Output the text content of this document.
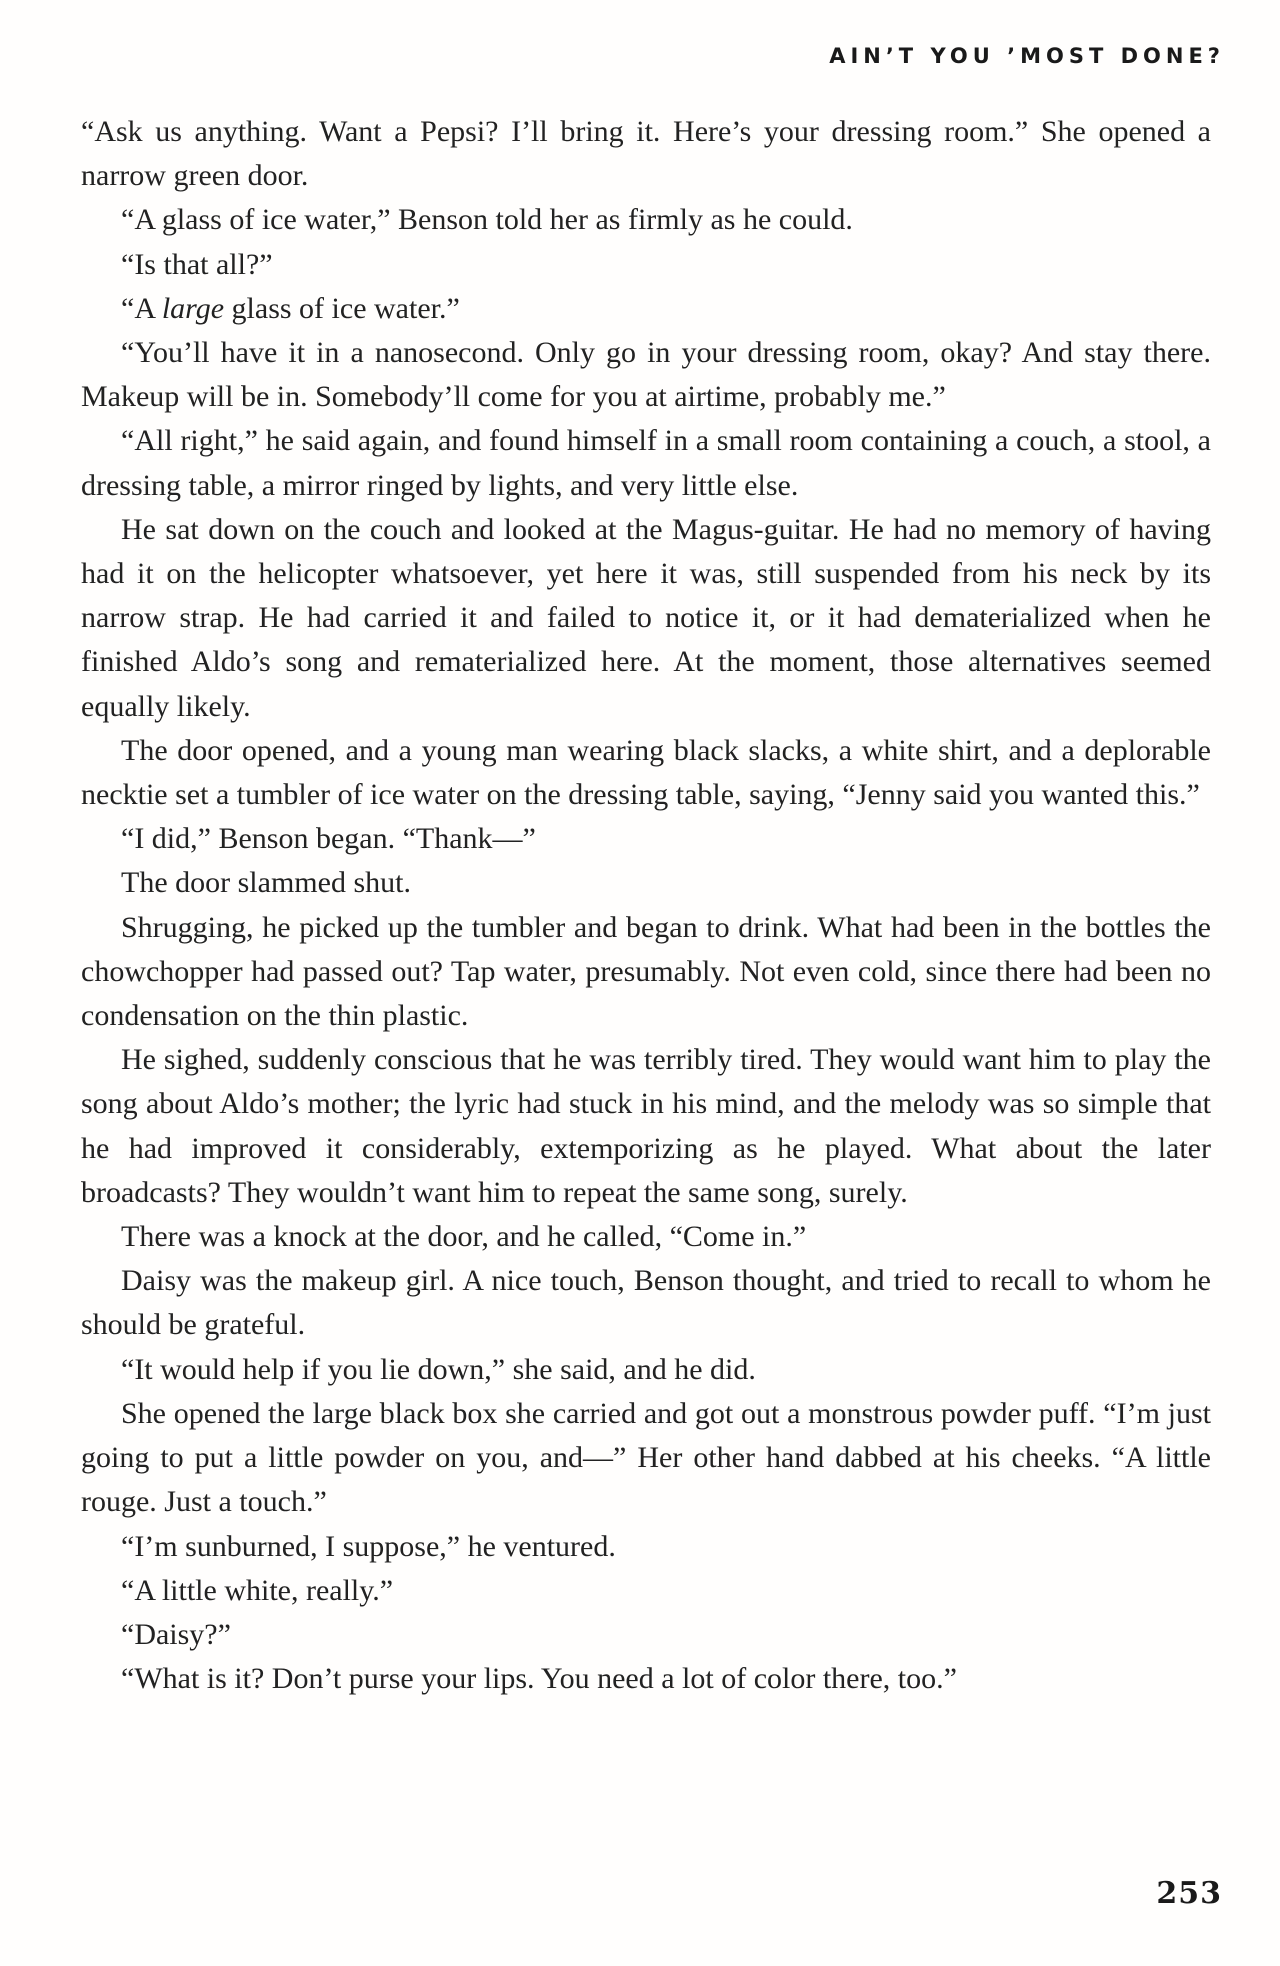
AIN’T YOU ’MOST DONE?

“Ask us anything. Want a Pepsi? I’ll bring it. Here’s your dressing room.” She opened a narrow green door.

“A glass of ice water,” Benson told her as firmly as he could.

“Is that all?”

“A large glass of ice water.”

“You’ll have it in a nanosecond. Only go in your dressing room, okay? And stay there. Makeup will be in. Somebody’ll come for you at airtime, probably me.”

“All right,” he said again, and found himself in a small room containing a couch, a stool, a dressing table, a mirror ringed by lights, and very little else.

He sat down on the couch and looked at the Magus-guitar. He had no memory of having had it on the helicopter whatsoever, yet here it was, still suspended from his neck by its narrow strap. He had carried it and failed to notice it, or it had dematerialized when he finished Aldo’s song and rematerialized here. At the moment, those alternatives seemed equally likely.

The door opened, and a young man wearing black slacks, a white shirt, and a deplorable necktie set a tumbler of ice water on the dressing table, saying, “Jenny said you wanted this.”

“I did,” Benson began. “Thank—”

The door slammed shut.

Shrugging, he picked up the tumbler and began to drink. What had been in the bottles the chowchopper had passed out? Tap water, presumably. Not even cold, since there had been no condensation on the thin plastic.

He sighed, suddenly conscious that he was terribly tired. They would want him to play the song about Aldo’s mother; the lyric had stuck in his mind, and the melody was so simple that he had improved it considerably, extemporizing as he played. What about the later broadcasts? They wouldn’t want him to repeat the same song, surely.

There was a knock at the door, and he called, “Come in.”

Daisy was the makeup girl. A nice touch, Benson thought, and tried to recall to whom he should be grateful.

“It would help if you lie down,” she said, and he did.

She opened the large black box she carried and got out a monstrous powder puff. “I’m just going to put a little powder on you, and—” Her other hand dabbed at his cheeks. “A little rouge. Just a touch.”

“I’m sunburned, I suppose,” he ventured.

“A little white, really.”

“Daisy?”

“What is it? Don’t purse your lips. You need a lot of color there, too.”

253
